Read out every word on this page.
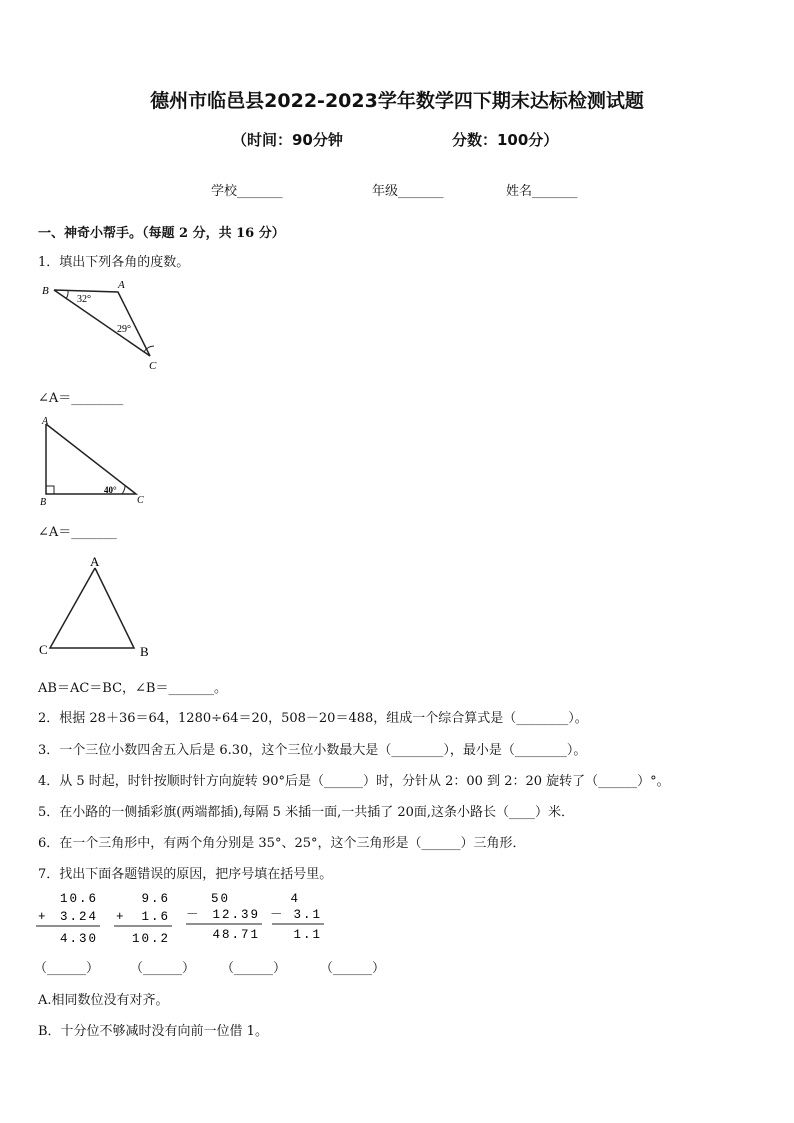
德州市临邑县2022-2023学年数学四下期末达标检测试题
（时间：90分钟	分数：100分）
学校_______	年级_______	姓名_______
一、神奇小帮手。（每题 2 分，共 16 分）
1．填出下列各角的度数。
B	A
C
32°
29°
∠A＝________
A
B	C
40°
∠A＝_______
A
C	B
AB＝AC＝BC，∠B＝_______。
2．根据 28＋36＝64，1280÷64＝20，508－20＝488，组成一个综合算式是（________）。
3．一个三位小数四舍五入后是 6.30，这个三位小数最大是（________），最小是（________）。
4．从 5 时起，时针按顺时针方向旋转 90°后是（______）时，分针从 2：00 到 2：20 旋转了（______）°。
5．在小路的一侧插彩旗(两端都插),每隔 5 米插一面,一共插了 20面,这条小路长（____）米．
6．在一个三角形中，有两个角分别是 35°、25°，这个三角形是（______）三角形．
7．找出下面各题错误的原因，把序号填在括号里。
10.6
+ 3.24
4.30
9.6
+ 1.6
10.2
50
－ 12.39
48.71
4
－ 3.1
1.1
（______） （______） （______）	（______）
A.相同数位没有对齐。
B．十分位不够减时没有向前一位借 1。
